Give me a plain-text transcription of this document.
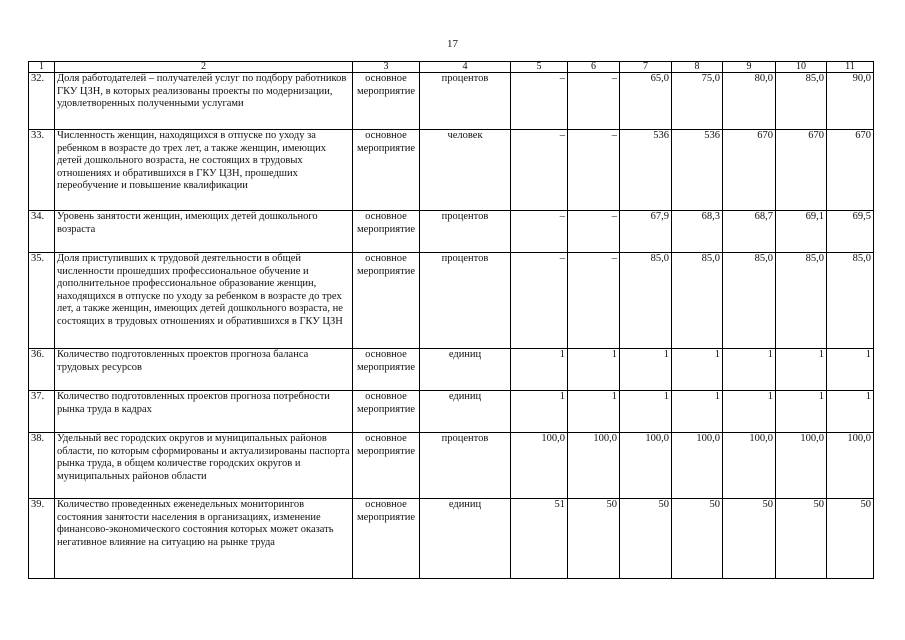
17
1	2	3	4	5	6	7	8	9	10	11
32.	Доля работодателей – получателей услуг по подбору работников ГКУ ЦЗН, в которых реализованы проекты по модернизации, удовлетворенных полученными услугами	основное мероприятие	процентов	–	–	65,0	75,0	80,0	85,0	90,0
33.	Численность женщин, находящихся в отпуске по уходу за ребенком в возрасте до трех лет, а также женщин, имеющих детей дошкольного возраста, не состоящих в трудовых отношениях и обратившихся в ГКУ ЦЗН, прошедших переобучение и повышение квалификации	основное мероприятие	человек	–	–	536	536	670	670	670
34.	Уровень занятости женщин, имеющих детей дошкольного возраста	основное мероприятие	процентов	–	–	67,9	68,3	68,7	69,1	69,5
35.	Доля приступивших к трудовой деятельности в общей численности прошедших профессиональное обучение и дополнительное профессиональное образование женщин, находящихся в отпуске по уходу за ребенком в возрасте до трех лет, а также женщин, имеющих детей дошкольного возраста, не состоящих в трудовых отношениях и обратившихся в ГКУ ЦЗН	основное мероприятие	процентов	–	–	85,0	85,0	85,0	85,0	85,0
36.	Количество подготовленных проектов прогноза баланса трудовых ресурсов	основное мероприятие	единиц	1	1	1	1	1	1	1
37.	Количество подготовленных проектов прогноза потребности рынка труда в кадрах	основное мероприятие	единиц	1	1	1	1	1	1	1
38.	Удельный вес городских округов и муниципальных районов области, по которым сформированы и актуализированы паспорта рынка труда, в общем количестве городских округов и муниципальных районов области	основное мероприятие	процентов	100,0	100,0	100,0	100,0	100,0	100,0	100,0
39.	Количество проведенных еженедельных мониторингов состояния занятости населения в организациях, изменение финансово-экономического состояния которых может оказать негативное влияние на ситуацию на рынке труда	основное мероприятие	единиц	51	50	50	50	50	50	50
